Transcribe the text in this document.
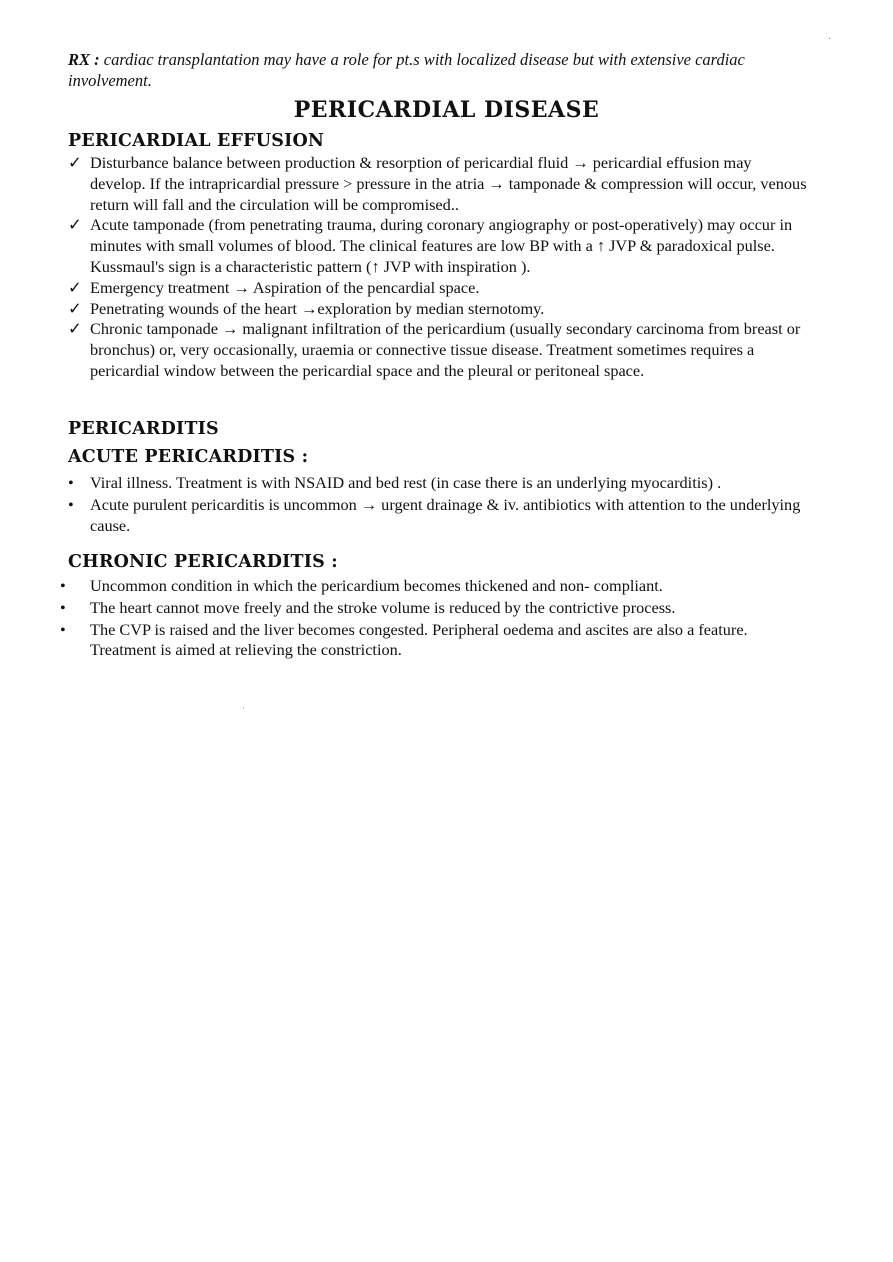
RX : cardiac transplantation may have a role for pt.s with localized disease but with extensive cardiac involvement.

PERICARDIAL DISEASE
PERICARDIAL EFFUSION
✓ Disturbance balance between production & resorption of pericardial fluid → pericardial effusion may develop. If the intrapricardial pressure > pressure in the atria → tamponade & compression will occur, venous return will fall and the circulation will be compromised..
✓ Acute tamponade (from penetrating trauma, during coronary angiography or post-operatively) may occur in minutes with small volumes of blood. The clinical features are low BP with a ↑ JVP & paradoxical pulse. Kussmaul's sign is a characteristic pattern (↑ JVP with inspiration ).
✓ Emergency treatment → Aspiration of the pencardial space.
✓ Penetrating wounds of the heart →exploration by median sternotomy.
✓ Chronic tamponade → malignant infiltration of the pericardium (usually secondary carcinoma from breast or bronchus) or, very occasionally, uraemia or connective tissue disease. Treatment sometimes requires a pericardial window between the pericardial space and the pleural or peritoneal space.
PERICARDITIS
ACUTE PERICARDITIS :
• Viral illness. Treatment is with NSAID and bed rest (in case there is an underlying myocarditis) .
• Acute purulent pericarditis is uncommon → urgent drainage & iv. antibiotics with attention to the underlying cause.
CHRONIC PERICARDITIS :
• Uncommon condition in which the pericardium becomes thickened and non- compliant.
• The heart cannot move freely and the stroke volume is reduced by the contrictive process.
• The CVP is raised and the liver becomes congested. Peripheral oedema and ascites are also a feature. Treatment is aimed at relieving the constriction.
ˌ
·
